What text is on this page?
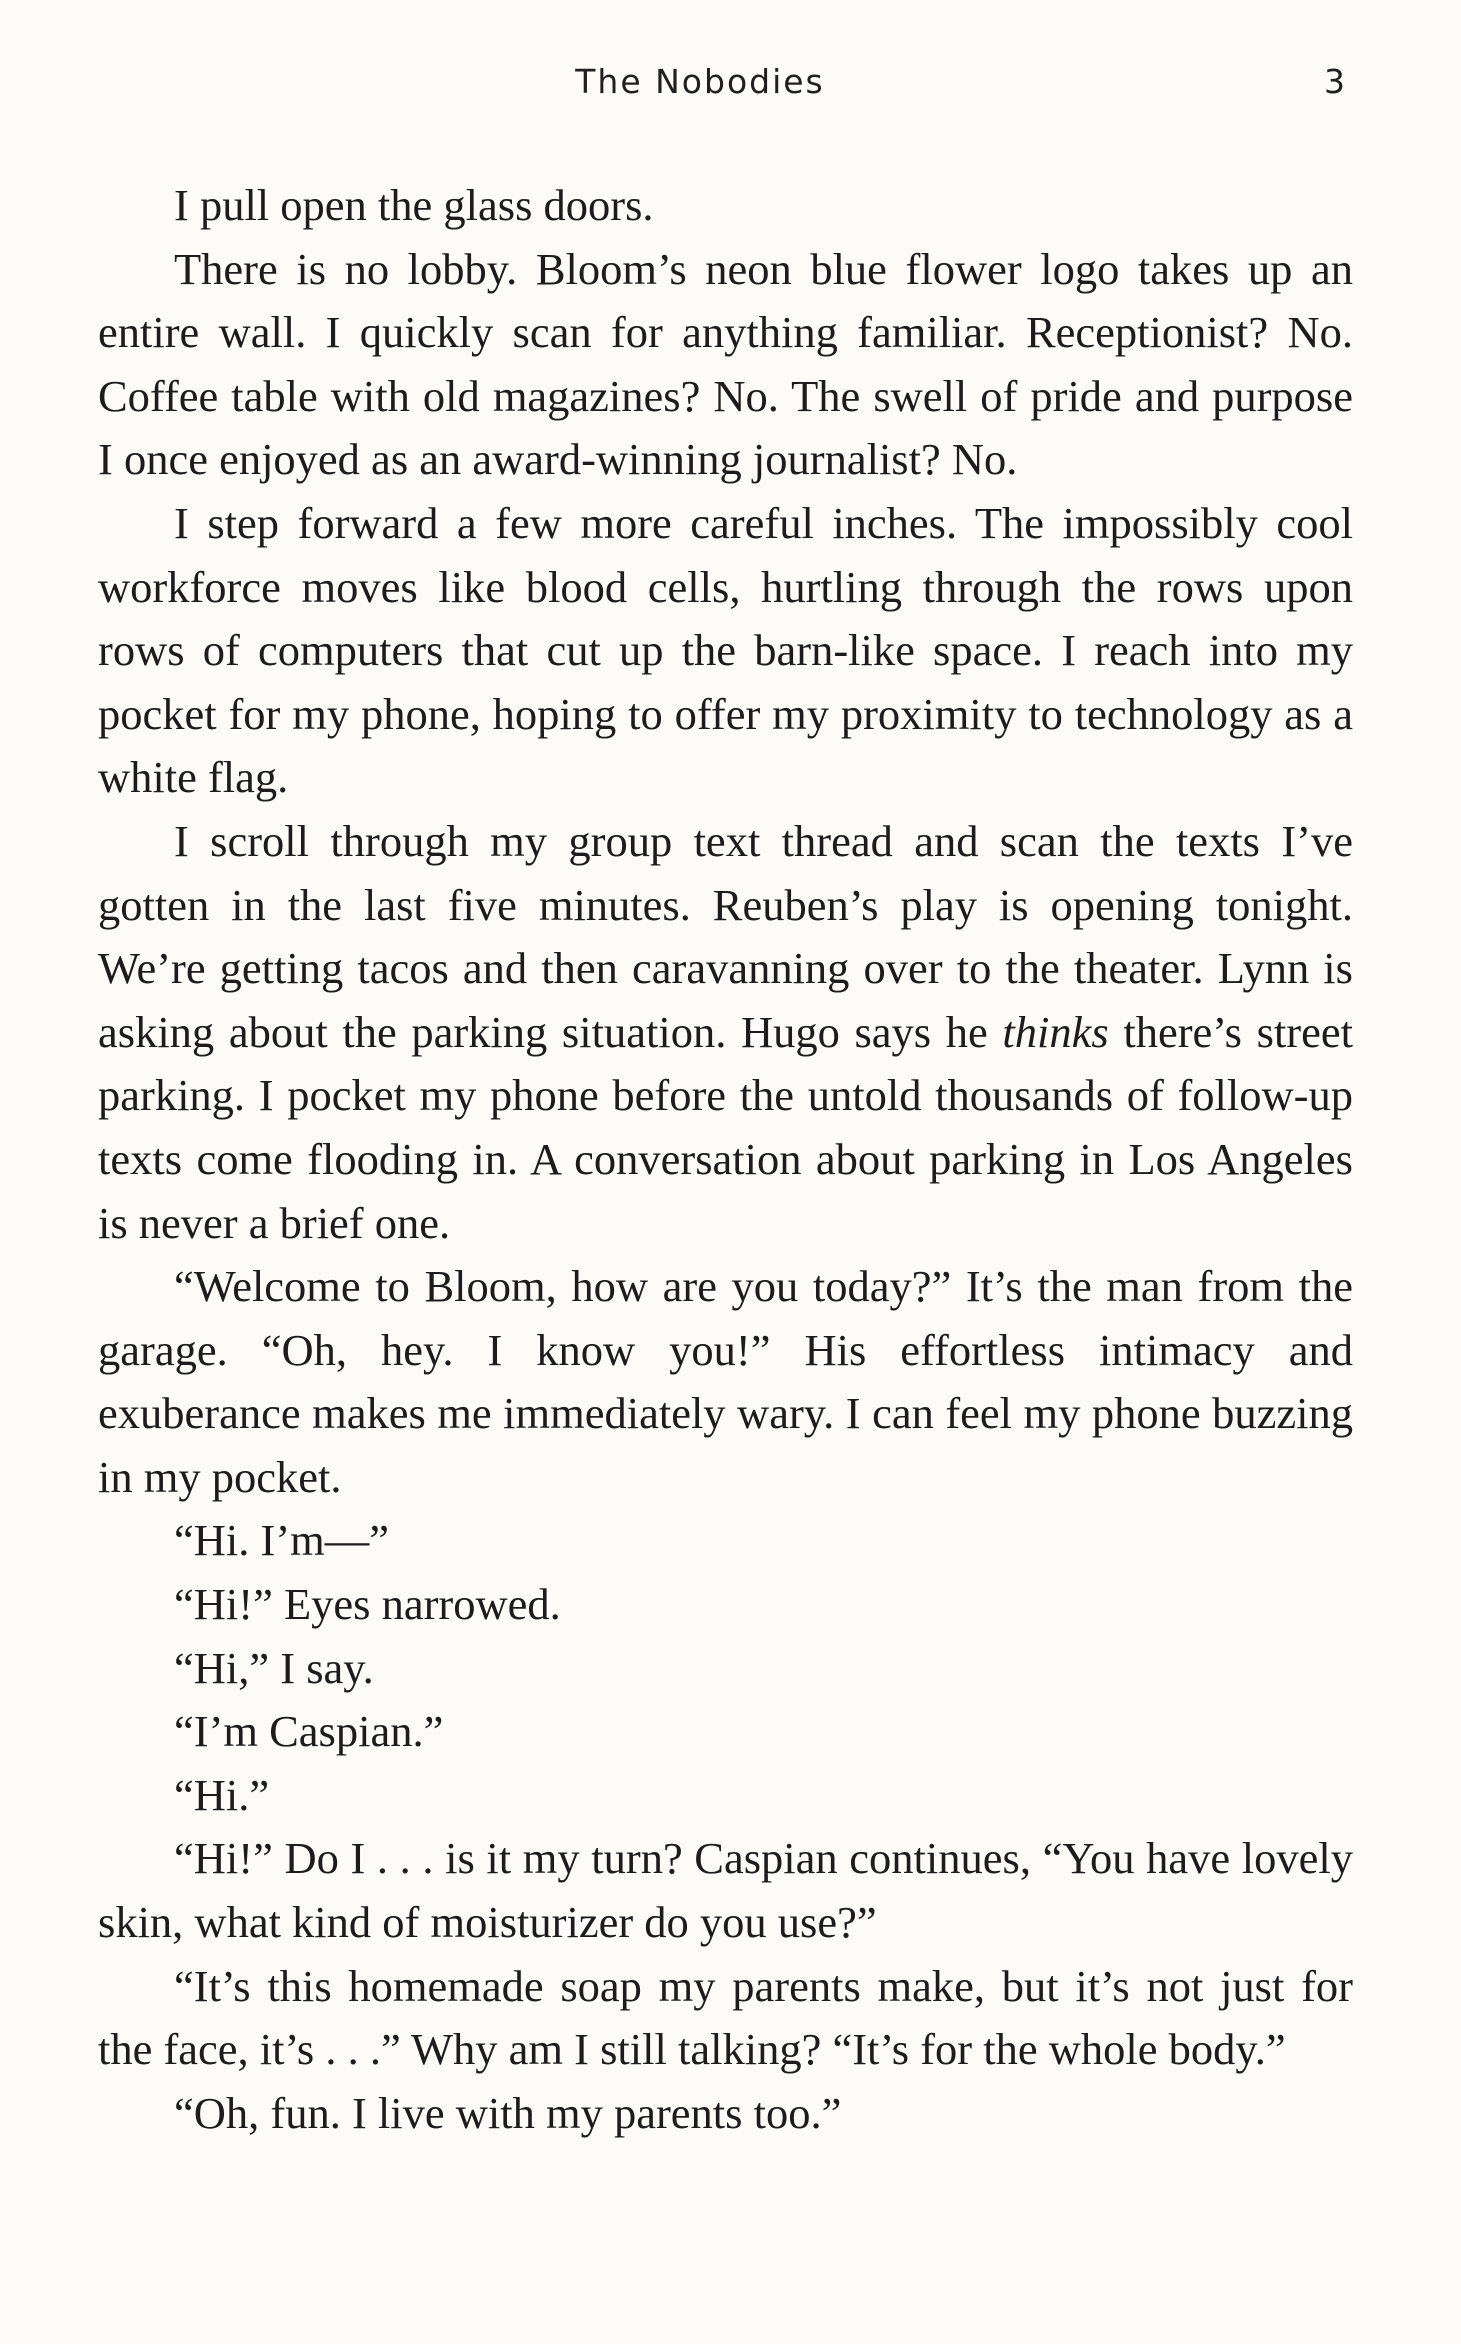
The Nobodies	3

I pull open the glass doors.

There is no lobby. Bloom’s neon blue flower logo takes up an entire wall. I quickly scan for anything familiar. Receptionist? No. Coffee table with old magazines? No. The swell of pride and purpose I once enjoyed as an award-winning journalist? No.

I step forward a few more careful inches. The impossibly cool workforce moves like blood cells, hurtling through the rows upon rows of computers that cut up the barn-like space. I reach into my pocket for my phone, hoping to offer my proximity to technology as a white flag.

I scroll through my group text thread and scan the texts I’ve gotten in the last five minutes. Reuben’s play is opening tonight. We’re getting tacos and then caravanning over to the theater. Lynn is asking about the parking situation. Hugo says he thinks there’s street parking. I pocket my phone before the untold thousands of follow-up texts come flooding in. A conversation about parking in Los Angeles is never a brief one.

“Welcome to Bloom, how are you today?” It’s the man from the garage. “Oh, hey. I know you!” His effortless intimacy and exuberance makes me immediately wary. I can feel my phone buzzing in my pocket.

“Hi. I’m—”

“Hi!” Eyes narrowed.

“Hi,” I say.

“I’m Caspian.”

“Hi.”

“Hi!” Do I . . . is it my turn? Caspian continues, “You have lovely skin, what kind of moisturizer do you use?”

“It’s this homemade soap my parents make, but it’s not just for the face, it’s . . .” Why am I still talking? “It’s for the whole body.”

“Oh, fun. I live with my parents too.”
